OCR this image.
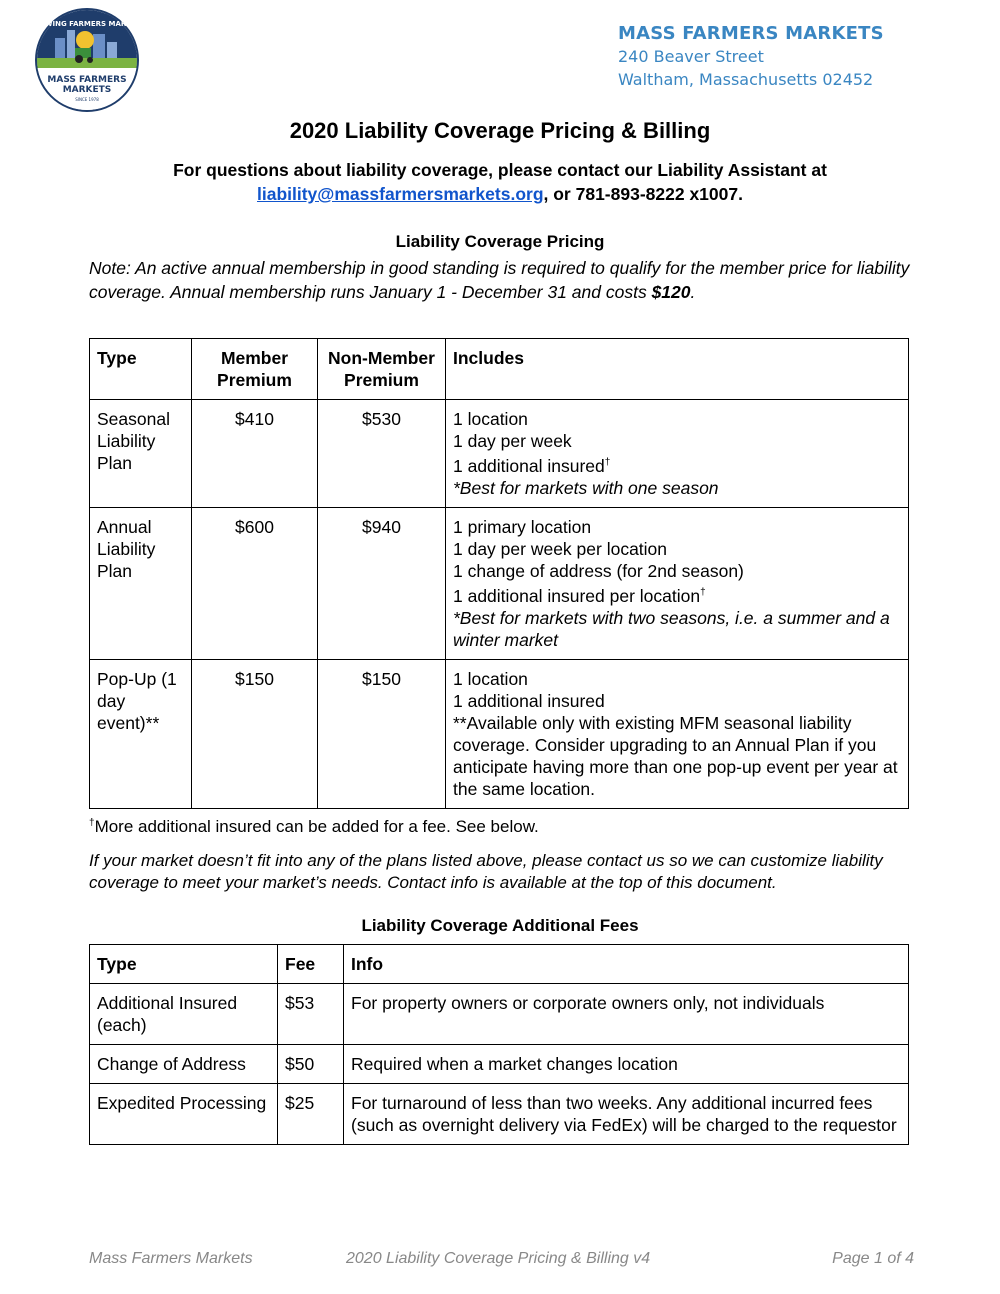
GROWING FARMERS MARKETS
MASS FARMERS
MARKETS
SINCE 1978
MASS FARMERS MARKETS
240 Beaver Street
Waltham, Massachusetts 02452
2020 Liability Coverage Pricing & Billing
For questions about liability coverage, please contact our Liability Assistant at
liability@massfarmersmarkets.org, or 781-893-8222 x1007.
Liability Coverage Pricing
Note: An active annual membership in good standing is required to qualify for the member price for liability coverage. Annual membership runs January 1 - December 31 and costs $120.
Type	Member Premium	Non-Member Premium	Includes
Seasonal Liability Plan	$410	$530	1 location
1 day per week
1 additional insured†
*Best for markets with one season

Annual Liability Plan	$600	$940	1 primary location
1 day per week per location
1 change of address (for 2nd season)
1 additional insured per location†
*Best for markets with two seasons, i.e. a summer and a winter market

Pop-Up (1 day event)**	$150	$150	1 location
1 additional insured
**Available only with existing MFM seasonal liability coverage. Consider upgrading to an Annual Plan if you anticipate having more than one pop-up event per year at the same location.
†More additional insured can be added for a fee. See below.
If your market doesn’t fit into any of the plans listed above, please contact us so we can customize liability coverage to meet your market’s needs. Contact info is available at the top of this document.
Liability Coverage Additional Fees
Type	Fee	Info
Additional Insured (each)	$53	For property owners or corporate owners only, not individuals
Change of Address	$50	Required when a market changes location
Expedited Processing	$25	For turnaround of less than two weeks. Any additional incurred fees (such as overnight delivery via FedEx) will be charged to the requestor
Mass Farmers Markets	2020 Liability Coverage Pricing & Billing v4	Page 1 of 4
